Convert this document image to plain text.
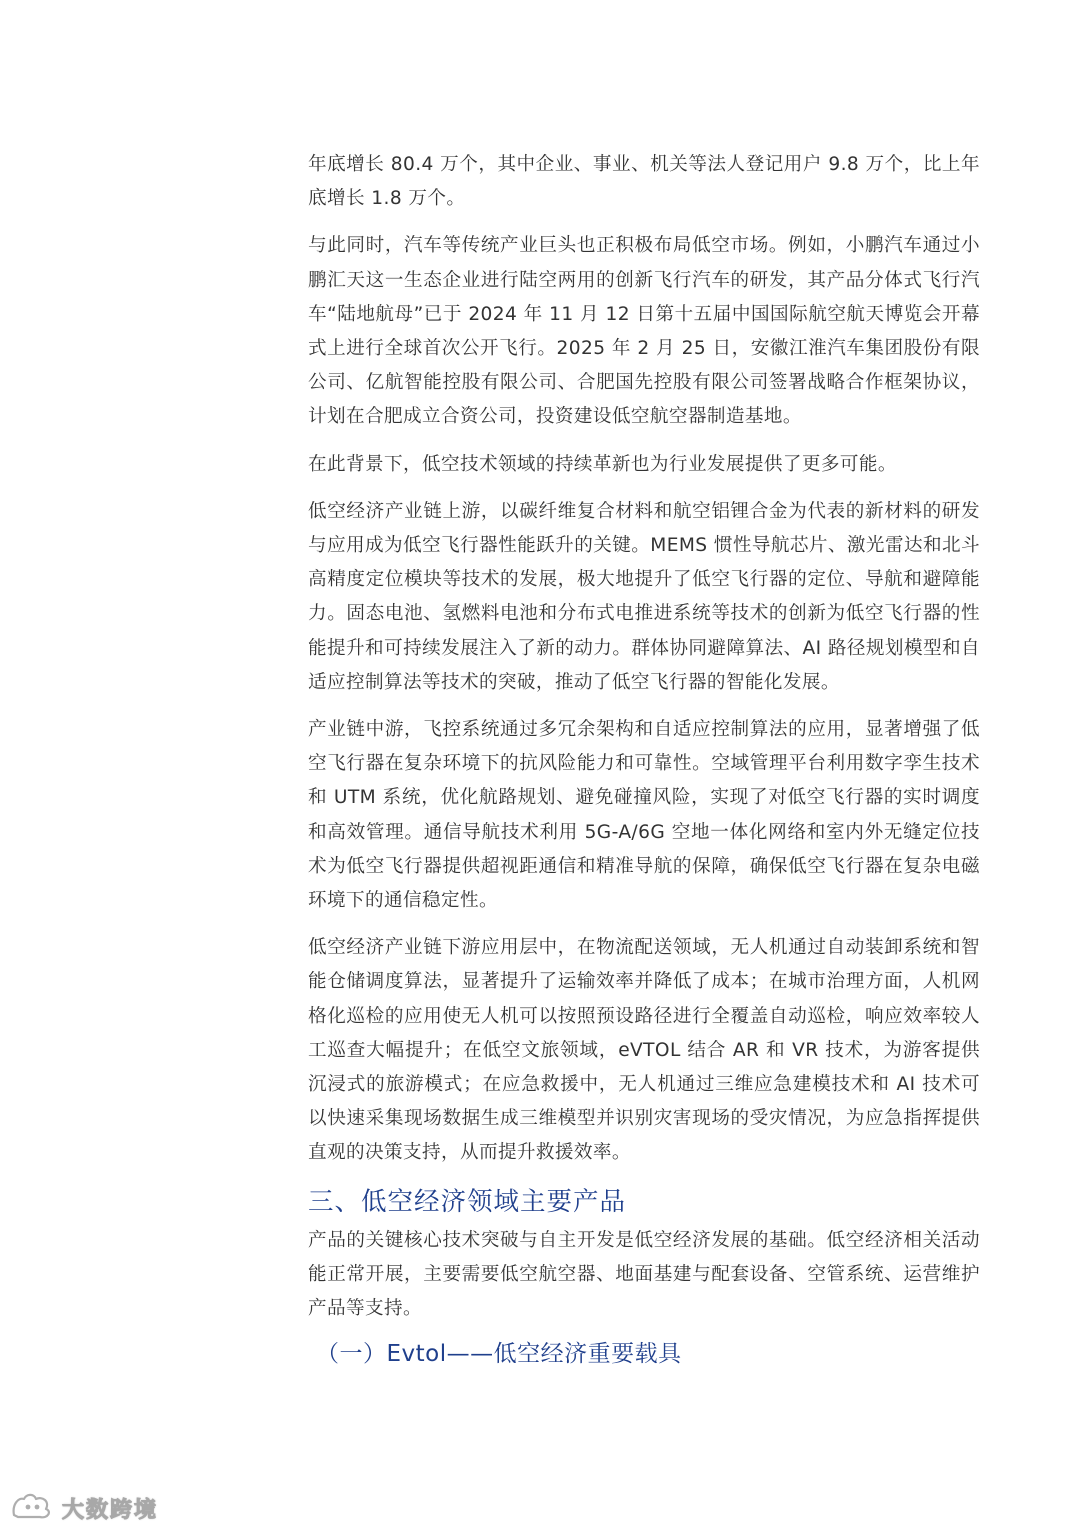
年底增长 80.4 万个，其中企业、事业、机关等法人登记用户 9.8 万个，比上年底增长 1.8 万个。

与此同时，汽车等传统产业巨头也正积极布局低空市场。例如，小鹏汽车通过小鹏汇天这一生态企业进行陆空两用的创新飞行汽车的研发，其产品分体式飞行汽车“陆地航母”已于 2024 年 11 月 12 日第十五届中国国际航空航天博览会开幕式上进行全球首次公开飞行。2025 年 2 月 25 日，安徽江淮汽车集团股份有限公司、亿航智能控股有限公司、合肥国先控股有限公司签署战略合作框架协议，计划在合肥成立合资公司，投资建设低空航空器制造基地。

在此背景下，低空技术领域的持续革新也为行业发展提供了更多可能。

低空经济产业链上游，以碳纤维复合材料和航空铝锂合金为代表的新材料的研发与应用成为低空飞行器性能跃升的关键。MEMS 惯性导航芯片、激光雷达和北斗高精度定位模块等技术的发展，极大地提升了低空飞行器的定位、导航和避障能力。固态电池、氢燃料电池和分布式电推进系统等技术的创新为低空飞行器的性能提升和可持续发展注入了新的动力。群体协同避障算法、AI 路径规划模型和自适应控制算法等技术的突破，推动了低空飞行器的智能化发展。

产业链中游，飞控系统通过多冗余架构和自适应控制算法的应用，显著增强了低空飞行器在复杂环境下的抗风险能力和可靠性。空域管理平台利用数字孪生技术和 UTM 系统，优化航路规划、避免碰撞风险，实现了对低空飞行器的实时调度和高效管理。通信导航技术利用 5G-A/6G 空地一体化网络和室内外无缝定位技术为低空飞行器提供超视距通信和精准导航的保障，确保低空飞行器在复杂电磁环境下的通信稳定性。

低空经济产业链下游应用层中，在物流配送领域，无人机通过自动装卸系统和智能仓储调度算法，显著提升了运输效率并降低了成本；在城市治理方面，人机网格化巡检的应用使无人机可以按照预设路径进行全覆盖自动巡检，响应效率较人工巡查大幅提升；在低空文旅领域，eVTOL 结合 AR 和 VR 技术，为游客提供沉浸式的旅游模式；在应急救援中，无人机通过三维应急建模技术和 AI 技术可以快速采集现场数据生成三维模型并识别灾害现场的受灾情况，为应急指挥提供直观的决策支持，从而提升救援效率。

三、低空经济领域主要产品

产品的关键核心技术突破与自主开发是低空经济发展的基础。低空经济相关活动能正常开展，主要需要低空航空器、地面基建与配套设备、空管系统、运营维护产品等支持。

（一）Evtol——低空经济重要载具
大数跨境
